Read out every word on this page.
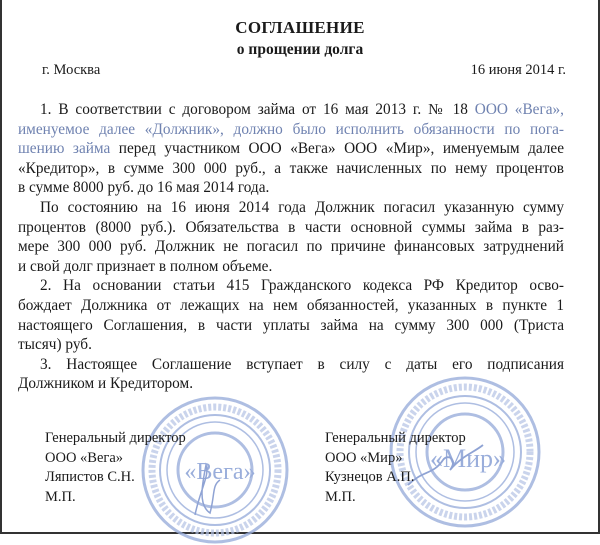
«Вега»	«Мир»
СОГЛАШЕНИЕ
о прощении долга
г. Москва	16 июня 2014 г.
1. В соответствии с договором займа от 16 мая 2013 г. № 18 ООО «Вега»,
именуемое далее «Должник», должно было исполнить обязанности по пога-
шению займа перед участником ООО «Вега» ООО «Мир», именуемым далее
«Кредитор», в сумме 300 000 руб., а также начисленных по нему процентов
в сумме 8000 руб. до 16 мая 2014 года.
По состоянию на 16 июня 2014 года Должник погасил указанную сумму
процентов (8000 руб.). Обязательства в части основной суммы займа в раз-
мере 300 000 руб. Должник не погасил по причине финансовых затруднений
и свой долг признает в полном объеме.
2. На основании статьи 415 Гражданского кодекса РФ Кредитор осво-
бождает Должника от лежащих на нем обязанностей, указанных в пункте 1
настоящего Соглашения, в части уплаты займа на сумму 300 000 (Триста
тысяч) руб.
3. Настоящее Соглашение вступает в силу с даты его подписания
Должником и Кредитором.
Генеральный директор
ООО «Вега»
Ляпистов С.Н.
М.П.
Генеральный директор
ООО «Мир»
Кузнецов А.П.
М.П.
